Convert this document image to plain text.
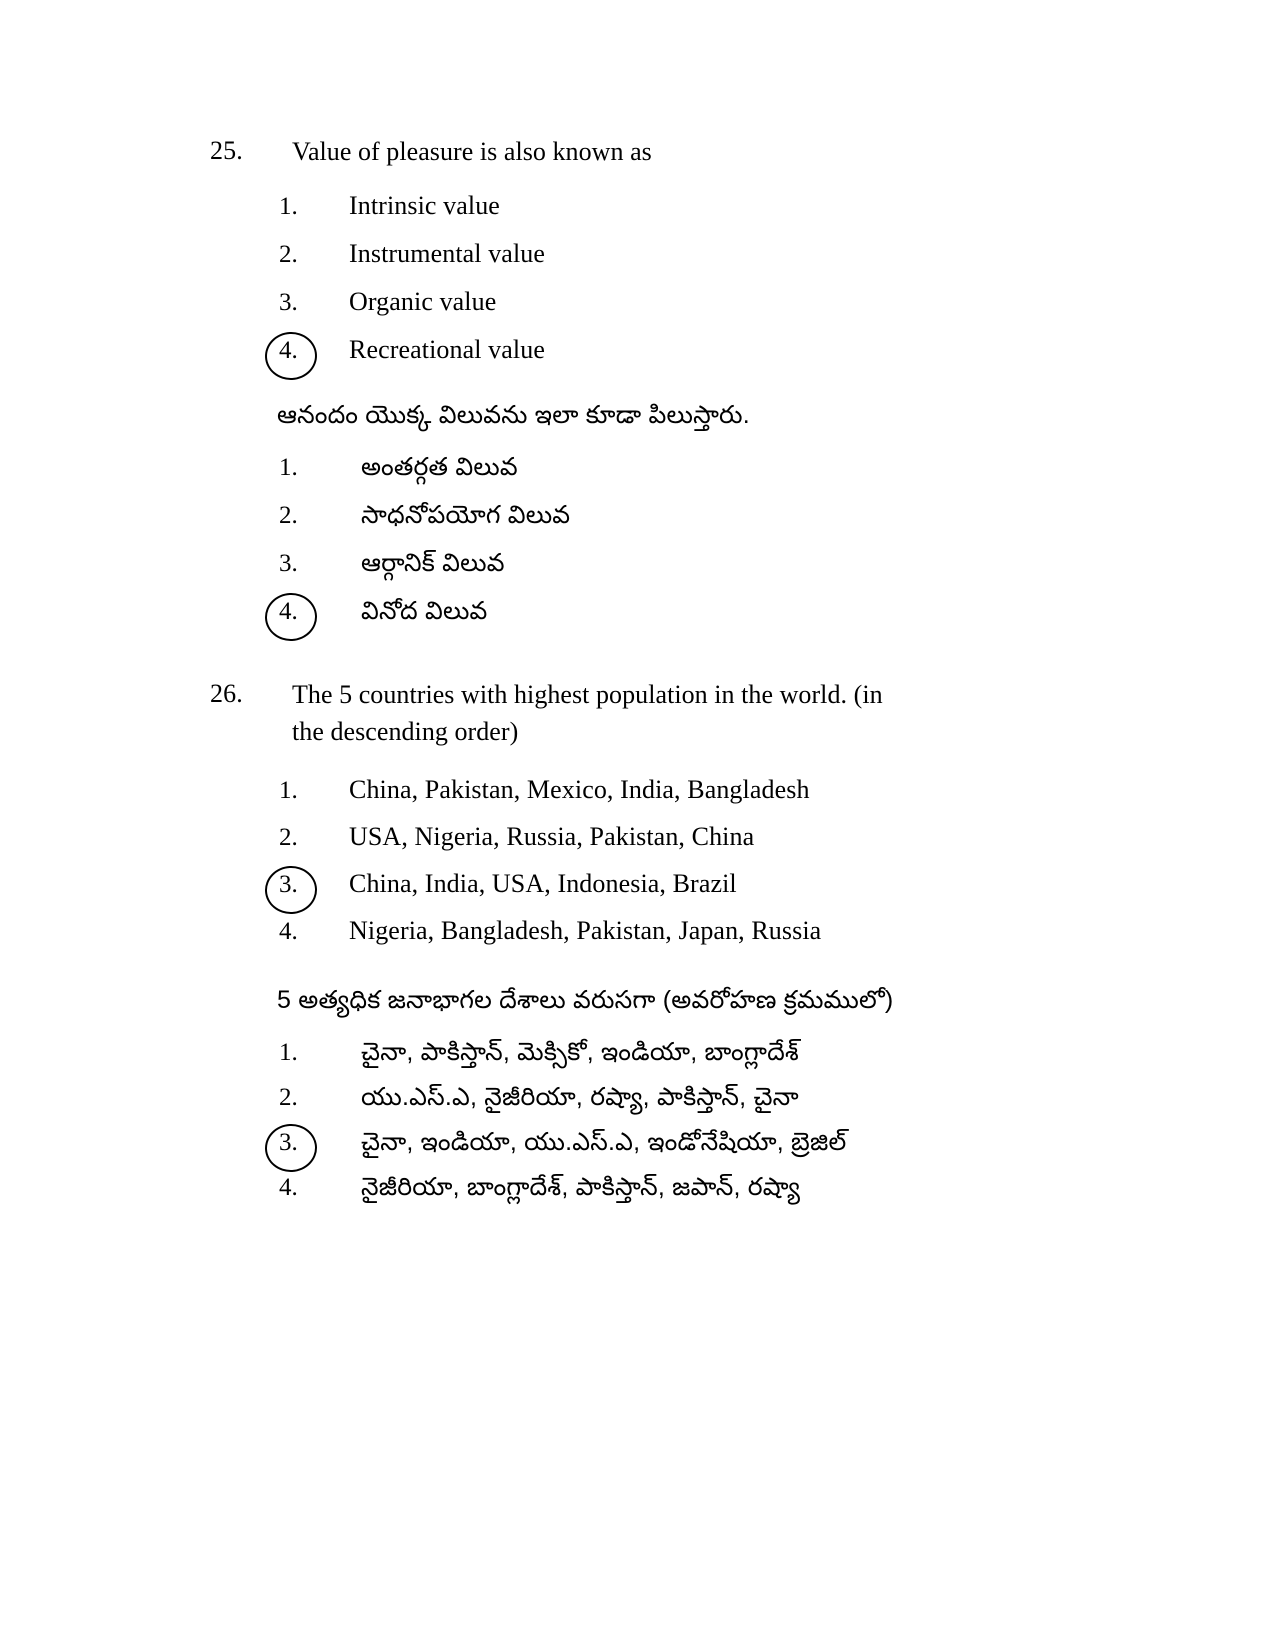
25.	Value of pleasure is also known as
1.	Intrinsic value
2.	Instrumental value
3.	Organic value
4.	Recreational value
ఆనందం యొక్క విలువను ఇలా కూడా పిలుస్తారు.
1.	అంతర్గత విలువ
2.	సాధనోపయోగ విలువ
3.	ఆర్గానిక్ విలువ
4.	వినోద విలువ
26.	The 5 countries with highest population in the world. (in the descending order)
1.	China, Pakistan, Mexico, India, Bangladesh
2.	USA, Nigeria, Russia, Pakistan, China
3.	China, India, USA, Indonesia, Brazil
4.	Nigeria, Bangladesh, Pakistan, Japan, Russia
5 అత్యధిక జనాభాగల దేశాలు వరుసగా (అవరోహణ క్రమములో)
1.	చైనా, పాకిస్తాన్, మెక్సికో, ఇండియా, బాంగ్లాదేశ్
2.	యు.ఎస్.ఎ, నైజీరియా, రష్యా, పాకిస్తాన్, చైనా
3.	చైనా, ఇండియా, యు.ఎస్.ఎ, ఇండోనేషియా, బ్రెజిల్
4.	నైజీరియా, బాంగ్లాదేశ్, పాకిస్తాన్, జపాన్, రష్యా
